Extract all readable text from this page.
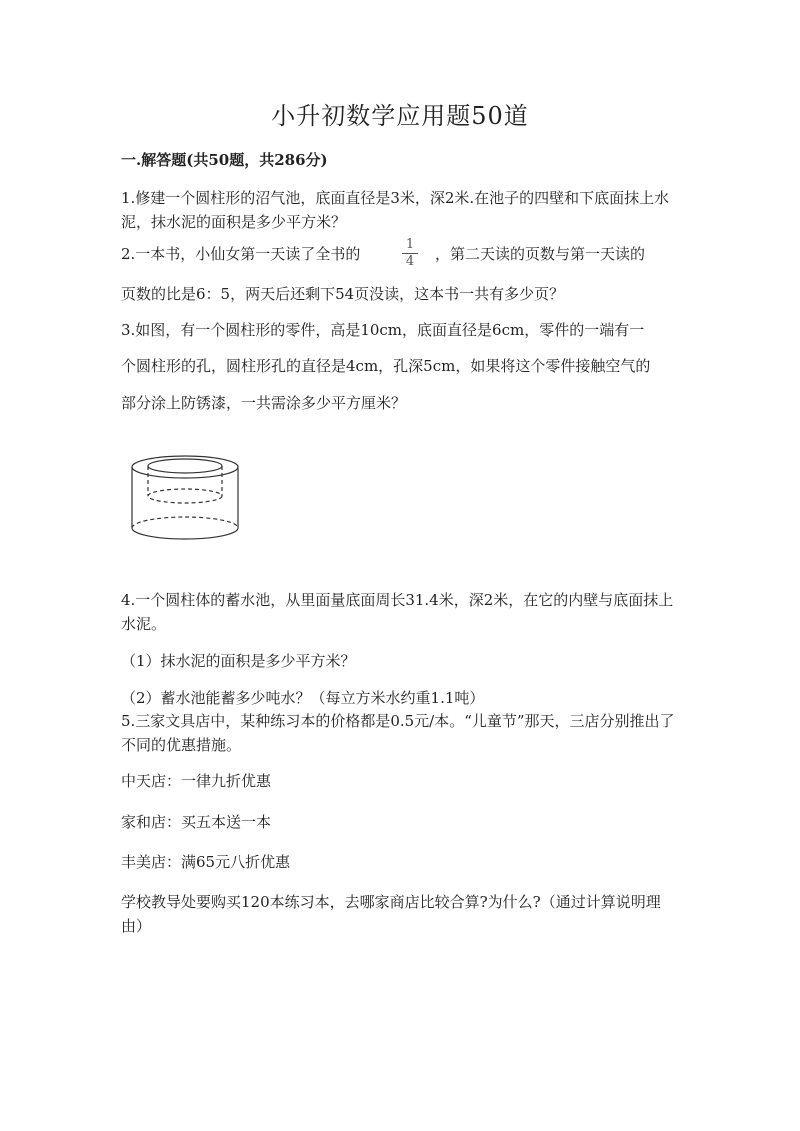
小升初数学应用题50道
一.解答题(共50题，共286分)
1.修建一个圆柱形的沼气池，底面直径是3米，深2米.在池子的四壁和下底面抹上水泥，抹水泥的面积是多少平方米？
2.一本书，小仙女第一天读了全书的
1
4	，第二天读的页数与第一天读的
页数的比是6：5，两天后还剩下54页没读，这本书一共有多少页？
3.如图，有一个圆柱形的零件，高是10cm，底面直径是6cm，零件的一端有一
个圆柱形的孔，圆柱形孔的直径是4cm，孔深5cm，如果将这个零件接触空气的
部分涂上防锈漆，一共需涂多少平方厘米？
4.一个圆柱体的蓄水池，从里面量底面周长31.4米，深2米，在它的内壁与底面抹上水泥。
（1）抹水泥的面积是多少平方米？
（2）蓄水池能蓄多少吨水？（每立方米水约重1.1吨）
5.三家文具店中，某种练习本的价格都是0.5元/本。“儿童节”那天，三店分别推出了不同的优惠措施。
中天店：一律九折优惠
家和店：买五本送一本
丰美店：满65元八折优惠
学校教导处要购买120本练习本，去哪家商店比较合算?为什么?（通过计算说明理由）
